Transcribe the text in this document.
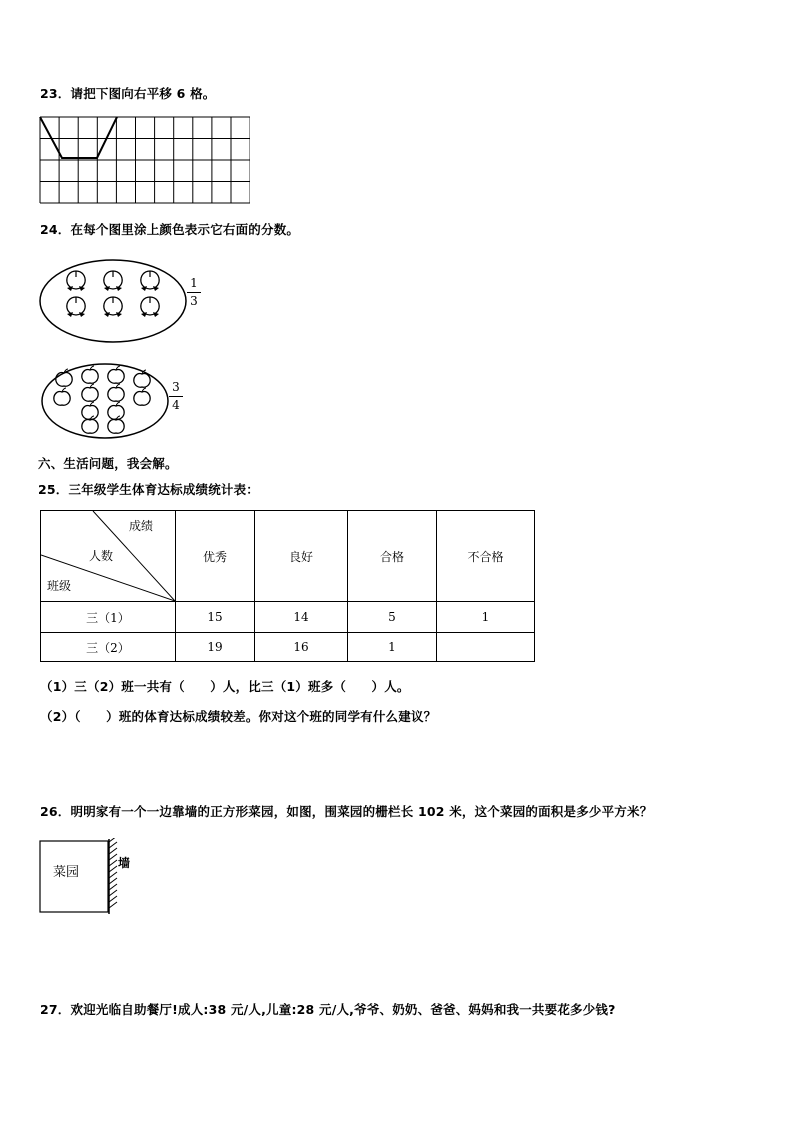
23．请把下图向右平移 6 格。
24．在每个图里涂上颜色表示它右面的分数。
1
3
3
4
六、生活问题，我会解。
25．三年级学生体育达标成绩统计表：
成绩
人数
班级	优秀	良好	合格	不合格
三（1）	15	14	5	1
三（2）	19	16	1	
（1）三（2）班一共有（　　）人，比三（1）班多（　　）人。
（2）（　　）班的体育达标成绩较差。你对这个班的同学有什么建议？
26．明明家有一个一边靠墙的正方形菜园，如图，围菜园的栅栏长 102 米，这个菜园的面积是多少平方米？
菜园
墙
27．欢迎光临自助餐厅!成人:38 元/人,儿童:28 元/人,爷爷、奶奶、爸爸、妈妈和我一共要花多少钱?
